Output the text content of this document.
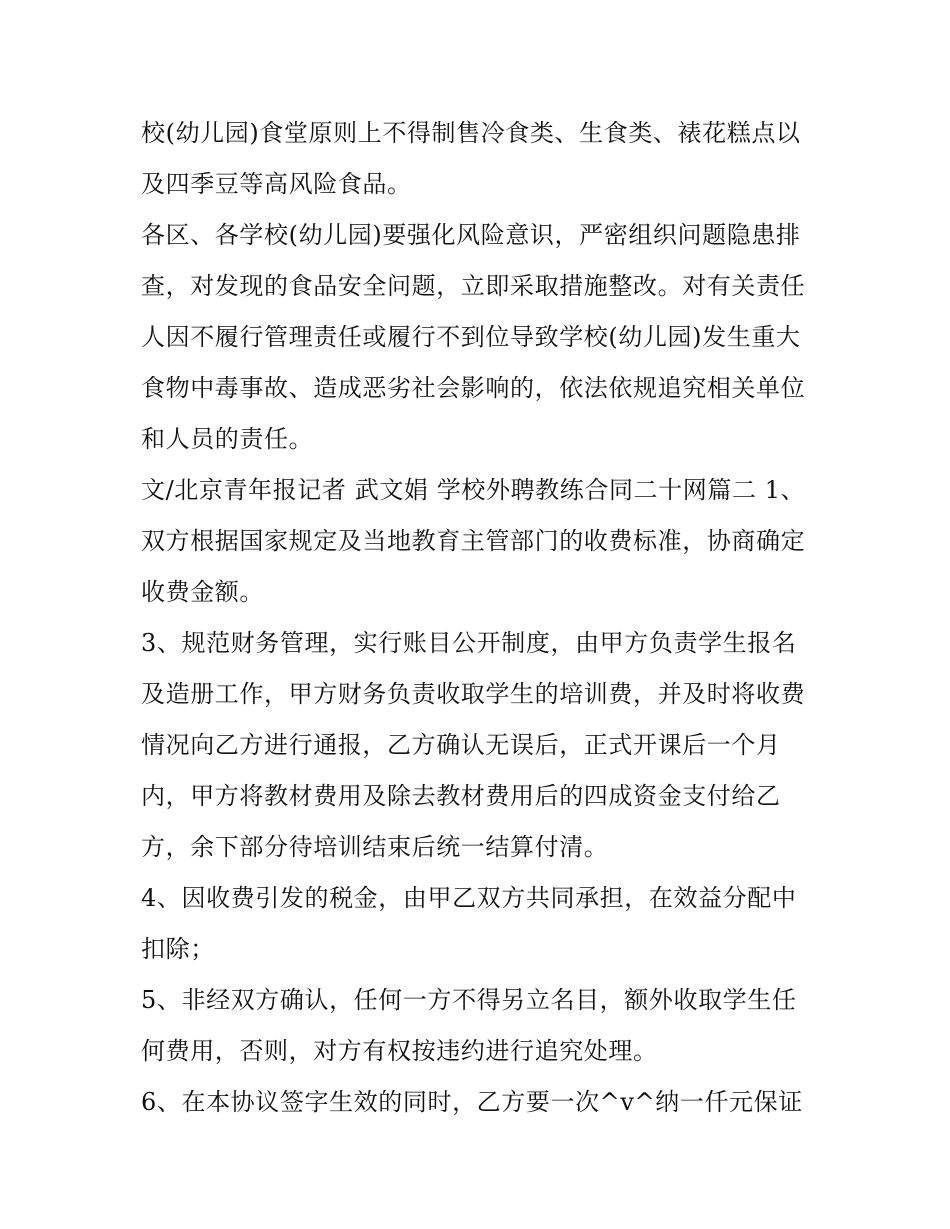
校(幼儿园)食堂原则上不得制售冷食类、生食类、裱花糕点以
及四季豆等高风险食品。
各区、各学校(幼儿园)要强化风险意识，严密组织问题隐患排
查，对发现的食品安全问题，立即采取措施整改。对有关责任
人因不履行管理责任或履行不到位导致学校(幼儿园)发生重大
食物中毒事故、造成恶劣社会影响的，依法依规追究相关单位
和人员的责任。
文/北京青年报记者 武文娟 学校外聘教练合同二十网篇二 1、
双方根据国家规定及当地教育主管部门的收费标准，协商确定
收费金额。
3、规范财务管理，实行账目公开制度，由甲方负责学生报名
及造册工作，甲方财务负责收取学生的培训费，并及时将收费
情况向乙方进行通报，乙方确认无误后，正式开课后一个月
内，甲方将教材费用及除去教材费用后的四成资金支付给乙
方，余下部分待培训结束后统一结算付清。
4、因收费引发的税金，由甲乙双方共同承担，在效益分配中
扣除；
5、非经双方确认，任何一方不得另立名目，额外收取学生任
何费用，否则，对方有权按违约进行追究处理。
6、在本协议签字生效的同时，乙方要一次^v^纳一仟元保证
